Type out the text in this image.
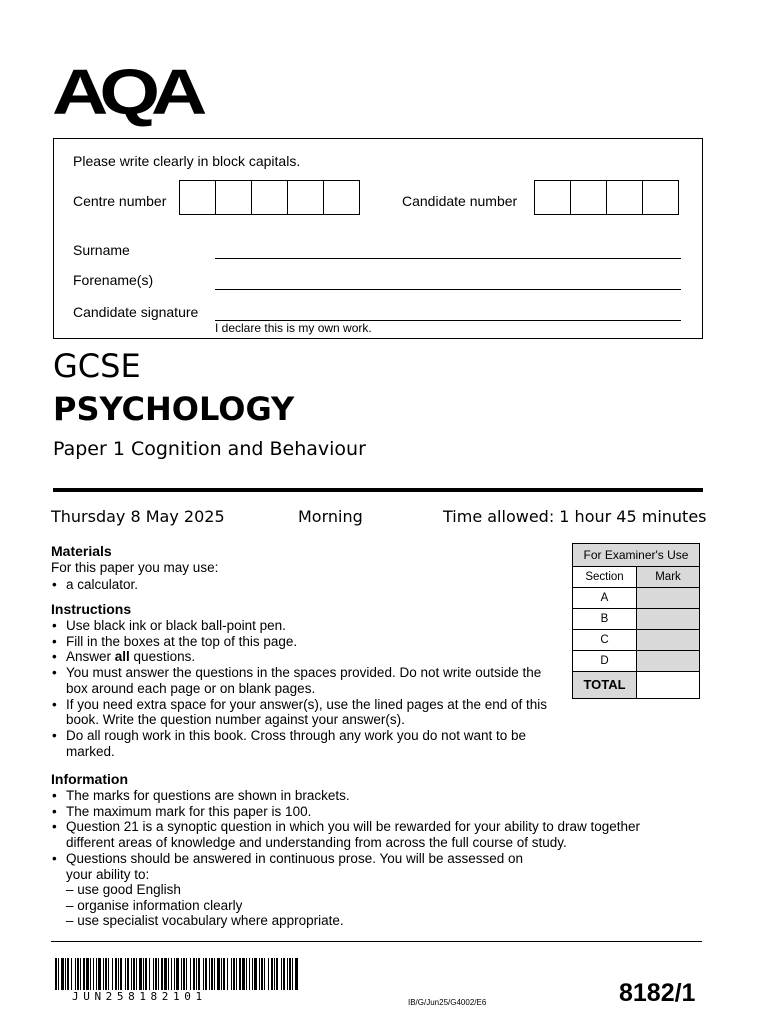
AQA
Please write clearly in block capitals.
Centre number	Candidate number
Surname
Forename(s)
Candidate signature
I declare this is my own work.
GCSE
PSYCHOLOGY
Paper 1 Cognition and Behaviour
Thursday 8 May 2025	Morning	Time allowed: 1 hour 45 minutes
Materials
For this paper you may use:
• a calculator.
Instructions
• Use black ink or black ball-point pen.
• Fill in the boxes at the top of this page.
• Answer all questions.
• You must answer the questions in the spaces provided. Do not write outside the box around each page or on blank pages.
• If you need extra space for your answer(s), use the lined pages at the end of this book. Write the question number against your answer(s).
• Do all rough work in this book. Cross through any work you do not want to be marked.
Information
• The marks for questions are shown in brackets.
• The maximum mark for this paper is 100.
• Question 21 is a synoptic question in which you will be rewarded for your ability to draw together different areas of knowledge and understanding from across the full course of study.
• Questions should be answered in continuous prose. You will be assessed on your ability to:
– use good English
– organise information clearly
– use specialist vocabulary where appropriate.
For Examiner's Use
Section	Mark
A
B
C
D
TOTAL
JUN258182101	IB/G/Jun25/G4002/E6	8182/1
